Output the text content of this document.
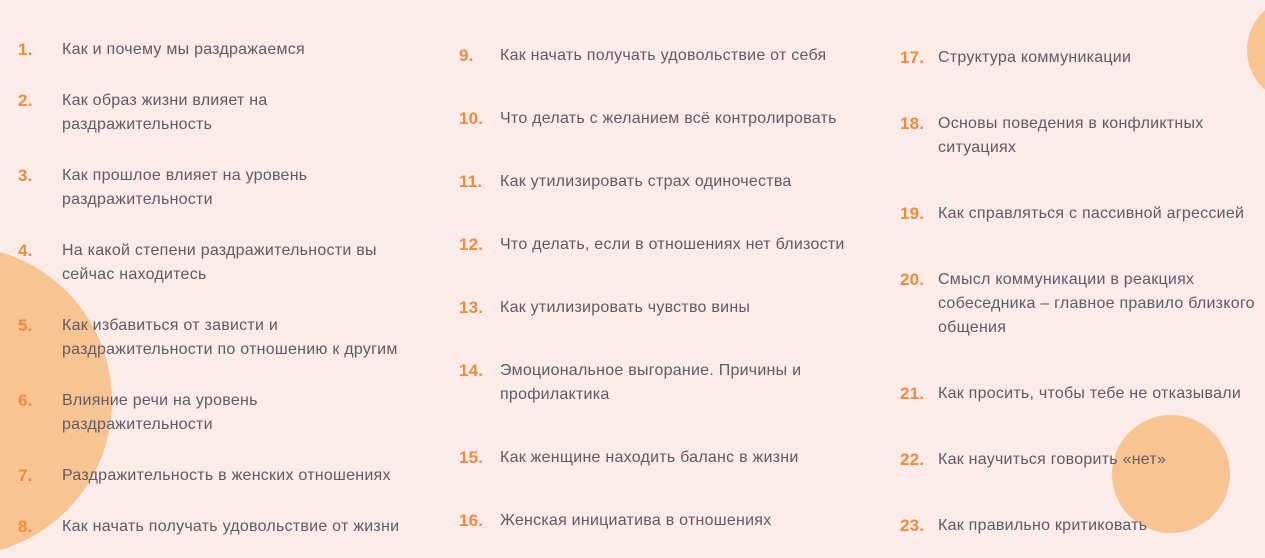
1.	Как и почему мы раздражаемся
2.	Как образ жизни влияет на
раздражительность
3.	Как прошлое влияет на уровень
раздражительности
4.	На какой степени раздражительности вы
сейчас находитесь
5.	Как избавиться от зависти и
раздражительности по отношению к другим
6.	Влияние речи на уровень
раздражительности
7.	Раздражительность в женских отношениях
8.	Как начать получать удовольствие от жизни
9.	Как начать получать удовольствие от себя
10.	Что делать с желанием всё контролировать
11.	Как утилизировать страх одиночества
12.	Что делать, если в отношениях нет близости
13.	Как утилизировать чувство вины
14.	Эмоциональное выгорание. Причины и
профилактика
15.	Как женщине находить баланс в жизни
16.	Женская инициатива в отношениях
17. Структура коммуникации
18. Основы поведения в конфликтных
ситуациях
19. Как справляться с пассивной агрессией
20. Смысл коммуникации в реакциях
собеседника – главное правило близкого
общения
21. Как просить, чтобы тебе не отказывали
22. Как научиться говорить «нет»
23. Как правильно критиковать
